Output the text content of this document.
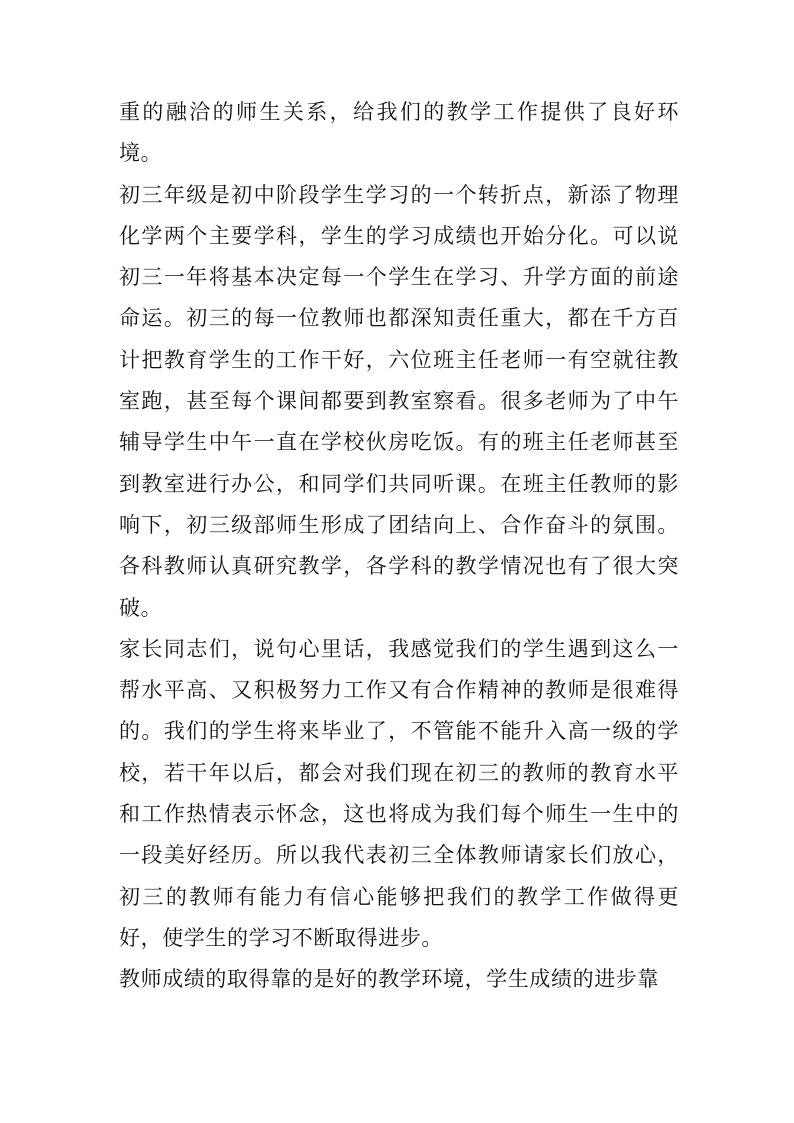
重的融洽的师生关系，给我们的教学工作提供了良好环境。

初三年级是初中阶段学生学习的一个转折点，新添了物理化学两个主要学科，学生的学习成绩也开始分化。可以说初三一年将基本决定每一个学生在学习、升学方面的前途命运。初三的每一位教师也都深知责任重大，都在千方百计把教育学生的工作干好，六位班主任老师一有空就往教室跑，甚至每个课间都要到教室察看。很多老师为了中午辅导学生中午一直在学校伙房吃饭。有的班主任老师甚至到教室进行办公，和同学们共同听课。在班主任教师的影响下，初三级部师生形成了团结向上、合作奋斗的氛围。各科教师认真研究教学，各学科的教学情况也有了很大突破。

家长同志们，说句心里话，我感觉我们的学生遇到这么一帮水平高、又积极努力工作又有合作精神的教师是很难得的。我们的学生将来毕业了，不管能不能升入高一级的学校，若干年以后，都会对我们现在初三的教师的教育水平和工作热情表示怀念，这也将成为我们每个师生一生中的一段美好经历。所以我代表初三全体教师请家长们放心，初三的教师有能力有信心能够把我们的教学工作做得更好，使学生的学习不断取得进步。

教师成绩的取得靠的是好的教学环境，学生成绩的进步靠
